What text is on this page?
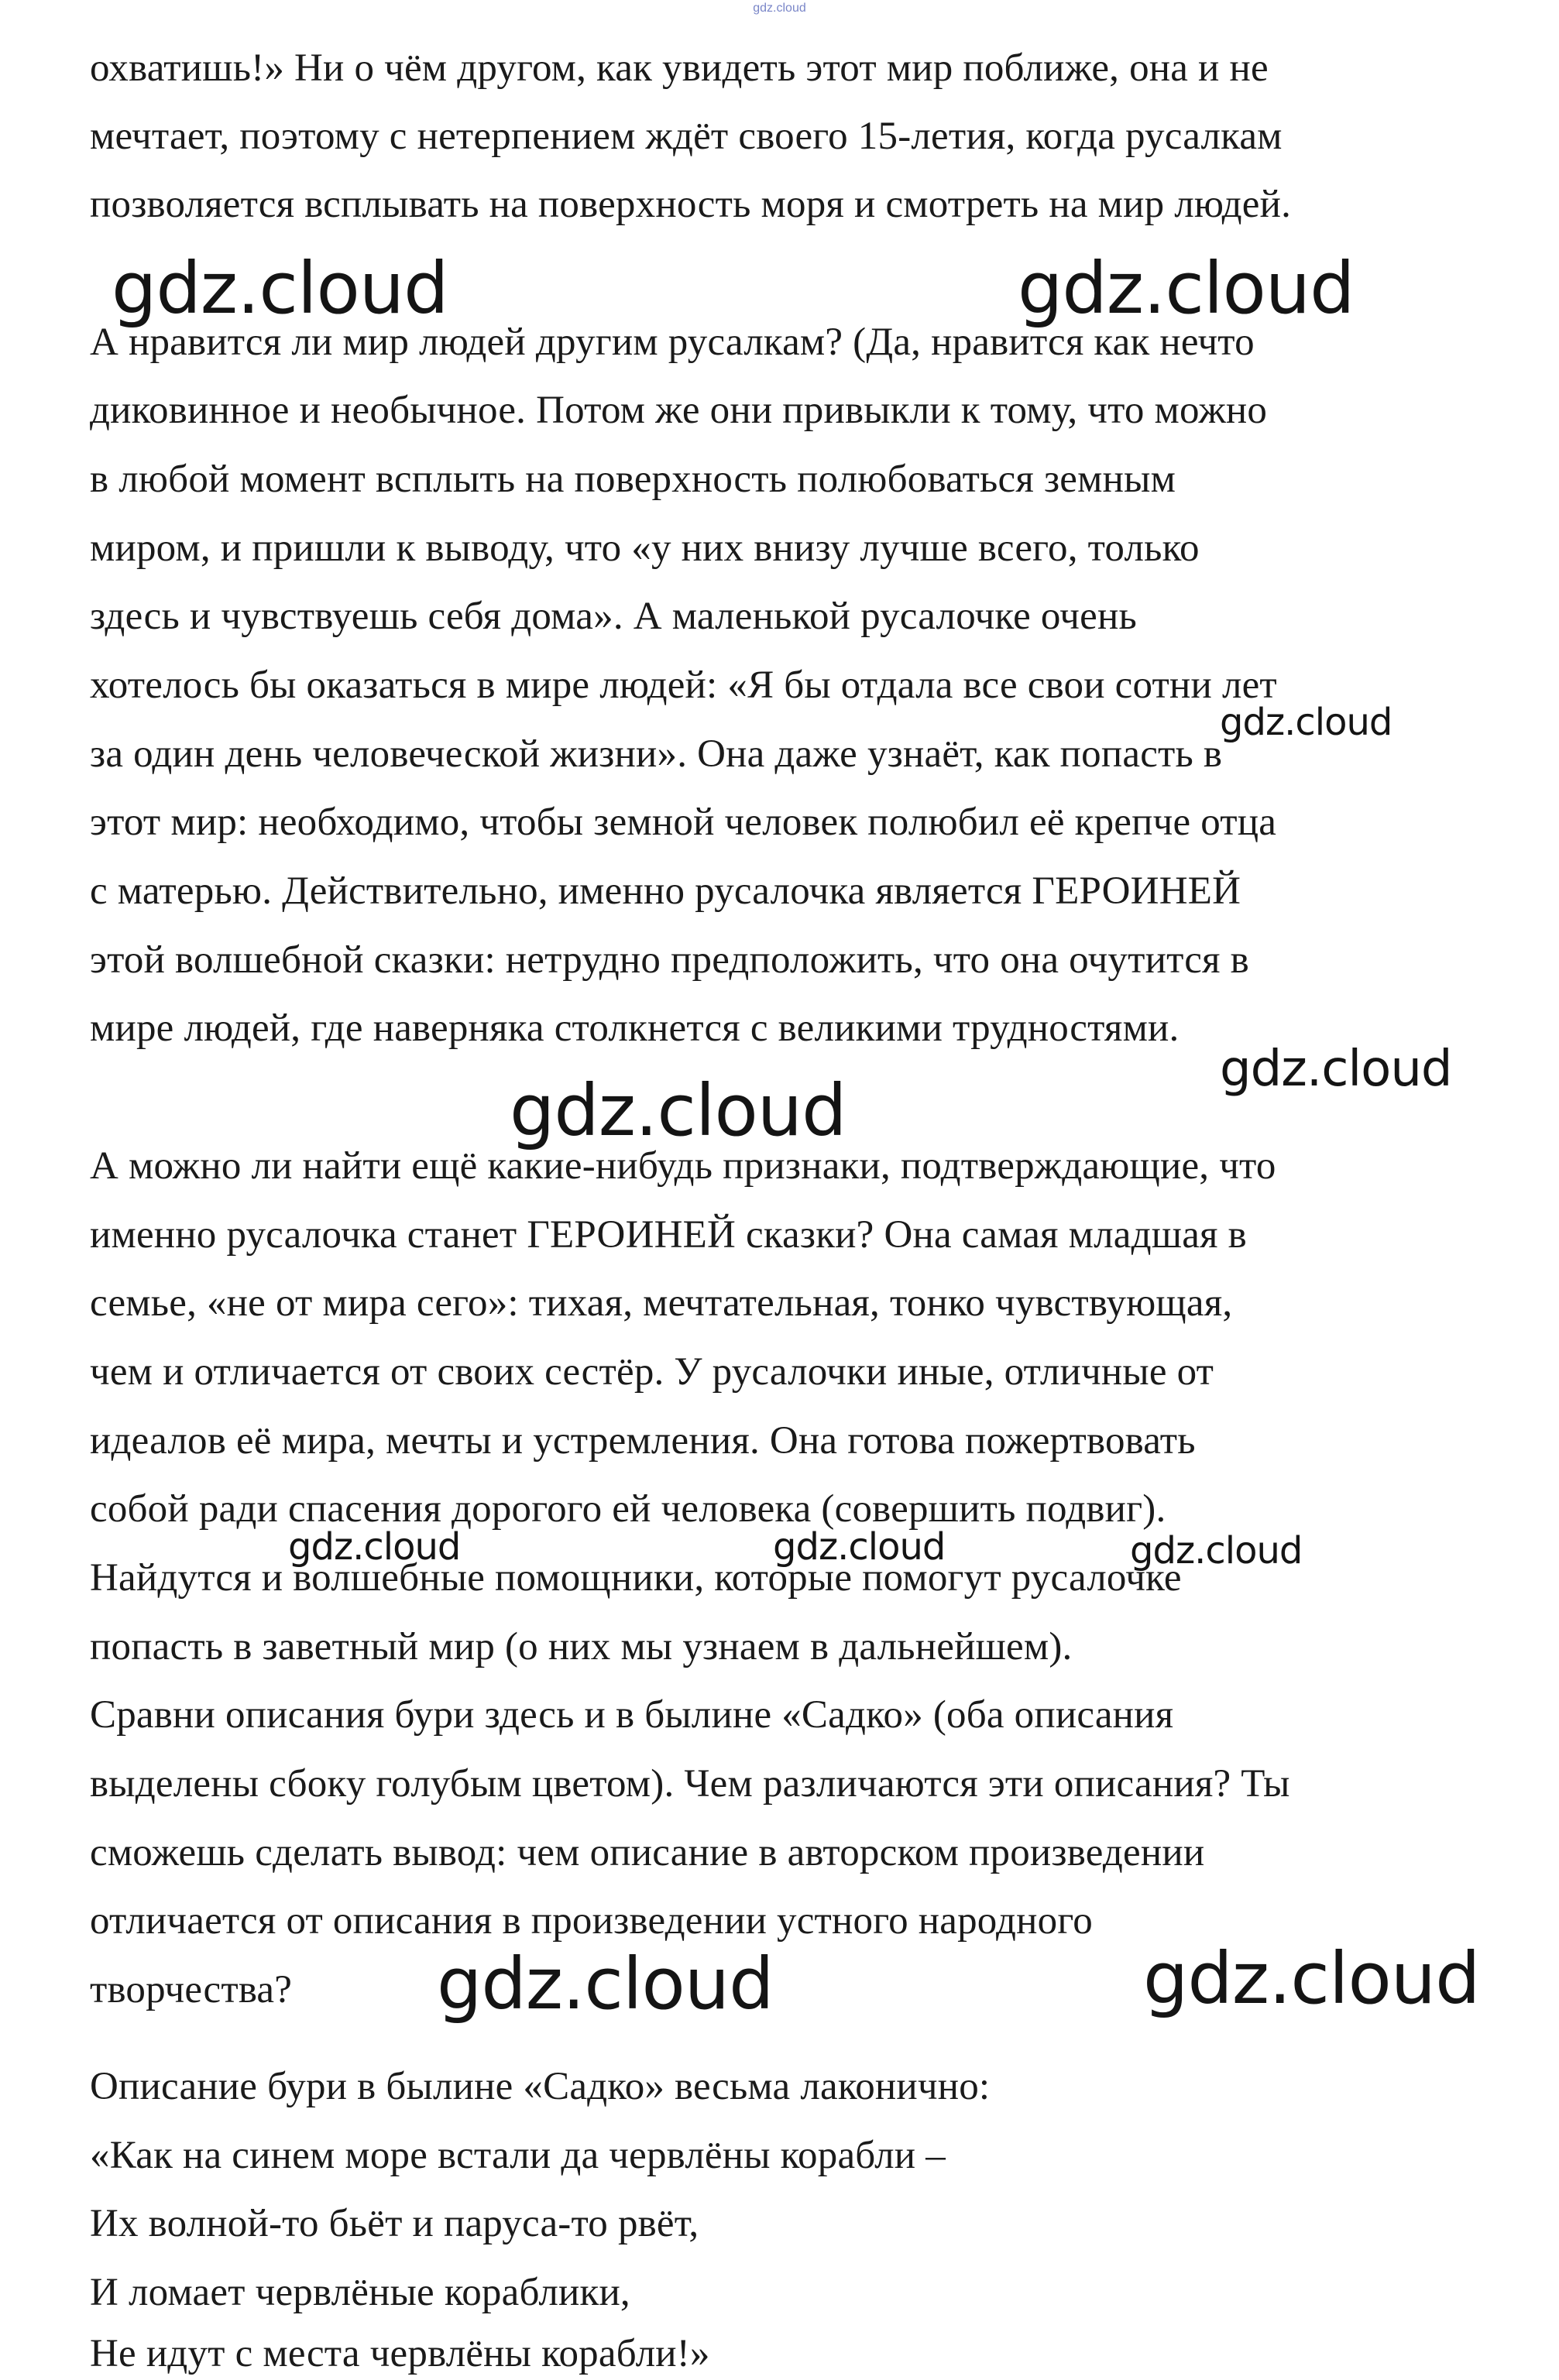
gdz.cloud
охватишь!» Ни о чём другом, как увидеть этот мир поближе, она и не
мечтает, поэтому с нетерпением ждёт своего 15-летия, когда русалкам
позволяется всплывать на поверхность моря и смотреть на мир людей.
А нравится ли мир людей другим русалкам? (Да, нравится как нечто
диковинное и необычное. Потом же они привыкли к тому, что можно
в любой момент всплыть на поверхность полюбоваться земным
миром, и пришли к выводу, что «у них внизу лучше всего, только
здесь и чувствуешь себя дома». А маленькой русалочке очень
хотелось бы оказаться в мире людей: «Я бы отдала все свои сотни лет
за один день человеческой жизни». Она даже узнаёт, как попасть в
этот мир: необходимо, чтобы земной человек полюбил её крепче отца
с матерью. Действительно, именно русалочка является ГЕРОИНЕЙ
этой волшебной сказки: нетрудно предположить, что она очутится в
мире людей, где наверняка столкнется с великими трудностями.
А можно ли найти ещё какие-нибудь признаки, подтверждающие, что
именно русалочка станет ГЕРОИНЕЙ сказки? Она самая младшая в
семье, «не от мира сего»: тихая, мечтательная, тонко чувствующая,
чем и отличается от своих сестёр. У русалочки иные, отличные от
идеалов её мира, мечты и устремления. Она готова пожертвовать
собой ради спасения дорогого ей человека (совершить подвиг).
Найдутся и волшебные помощники, которые помогут русалочке
попасть в заветный мир (о них мы узнаем в дальнейшем).
Сравни описания бури здесь и в былине «Садко» (оба описания
выделены сбоку голубым цветом). Чем различаются эти описания? Ты
сможешь сделать вывод: чем описание в авторском произведении
отличается от описания в произведении устного народного
творчества?
Описание бури в былине «Садко» весьма лаконично:
«Как на синем море встали да червлёны корабли –
Их волной-то бьёт и паруса-то рвёт,
И ломает червлёные кораблики,
Не идут с места червлёны корабли!»
gdz.cloud	gdz.cloud
gdz.cloud
gdz.cloud
gdz.cloud
gdz.cloud	gdz.cloud	gdz.cloud
gdz.cloud	gdz.cloud
